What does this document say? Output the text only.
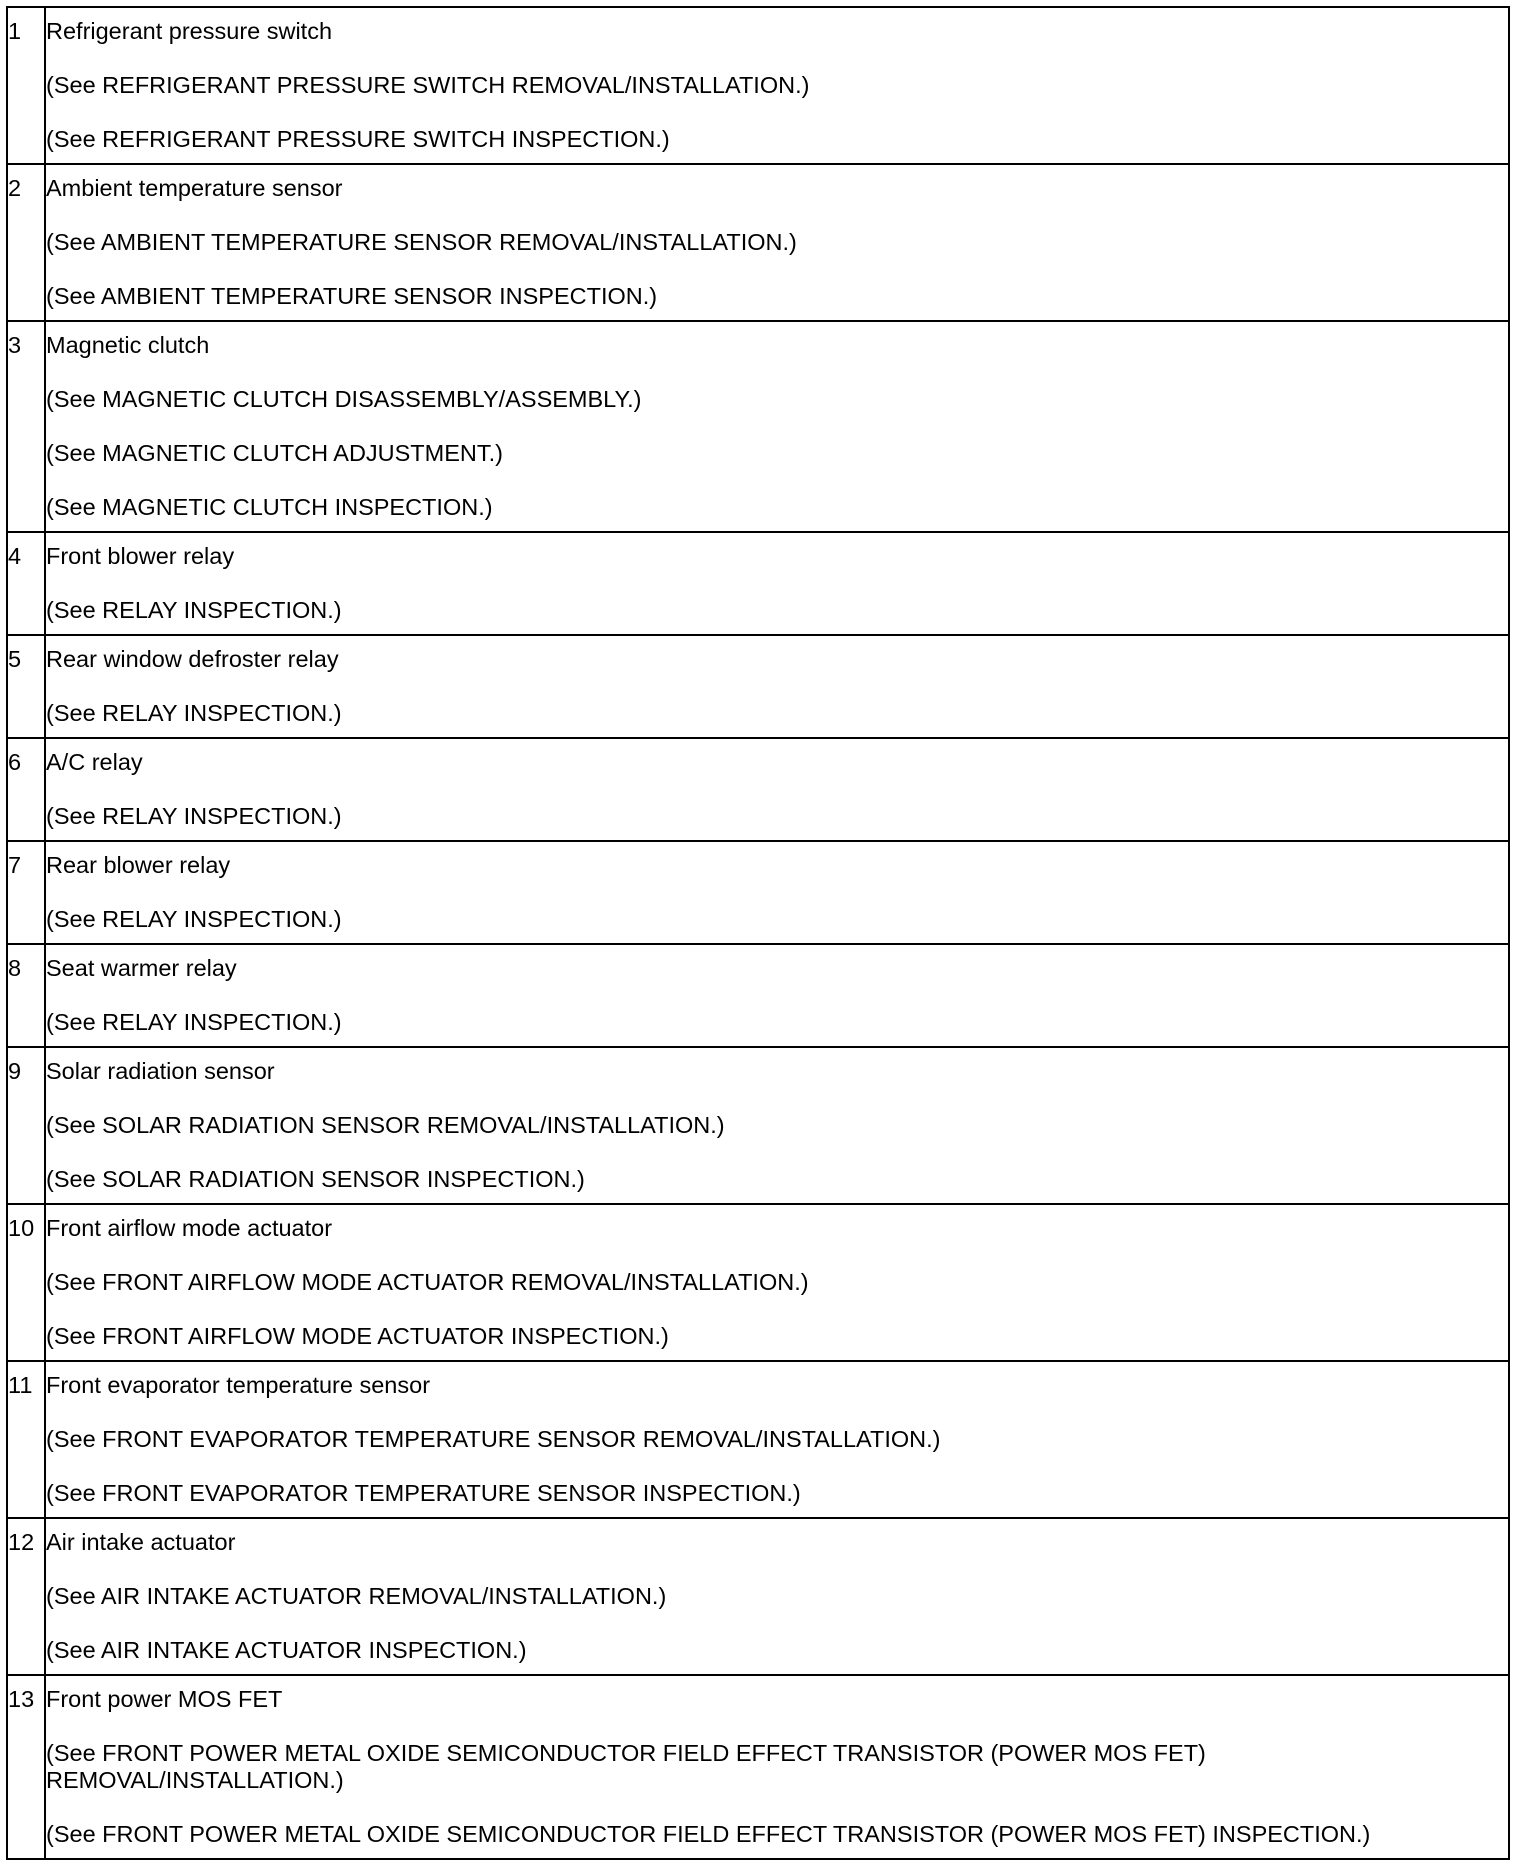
1	Refrigerant pressure switch
(See REFRIGERANT PRESSURE SWITCH REMOVAL/INSTALLATION.)
(See REFRIGERANT PRESSURE SWITCH INSPECTION.)

2	Ambient temperature sensor
(See AMBIENT TEMPERATURE SENSOR REMOVAL/INSTALLATION.)
(See AMBIENT TEMPERATURE SENSOR INSPECTION.)

3	Magnetic clutch
(See MAGNETIC CLUTCH DISASSEMBLY/ASSEMBLY.)
(See MAGNETIC CLUTCH ADJUSTMENT.)
(See MAGNETIC CLUTCH INSPECTION.)

4	Front blower relay
(See RELAY INSPECTION.)

5	Rear window defroster relay
(See RELAY INSPECTION.)

6	A/C relay
(See RELAY INSPECTION.)

7	Rear blower relay
(See RELAY INSPECTION.)

8	Seat warmer relay
(See RELAY INSPECTION.)

9	Solar radiation sensor
(See SOLAR RADIATION SENSOR REMOVAL/INSTALLATION.)
(See SOLAR RADIATION SENSOR INSPECTION.)

10	Front airflow mode actuator
(See FRONT AIRFLOW MODE ACTUATOR REMOVAL/INSTALLATION.)
(See FRONT AIRFLOW MODE ACTUATOR INSPECTION.)

11	Front evaporator temperature sensor
(See FRONT EVAPORATOR TEMPERATURE SENSOR REMOVAL/INSTALLATION.)
(See FRONT EVAPORATOR TEMPERATURE SENSOR INSPECTION.)

12	Air intake actuator
(See AIR INTAKE ACTUATOR REMOVAL/INSTALLATION.)
(See AIR INTAKE ACTUATOR INSPECTION.)

13	Front power MOS FET
(See FRONT POWER METAL OXIDE SEMICONDUCTOR FIELD EFFECT TRANSISTOR (POWER MOS FET) REMOVAL/INSTALLATION.)
(See FRONT POWER METAL OXIDE SEMICONDUCTOR FIELD EFFECT TRANSISTOR (POWER MOS FET) INSPECTION.)
